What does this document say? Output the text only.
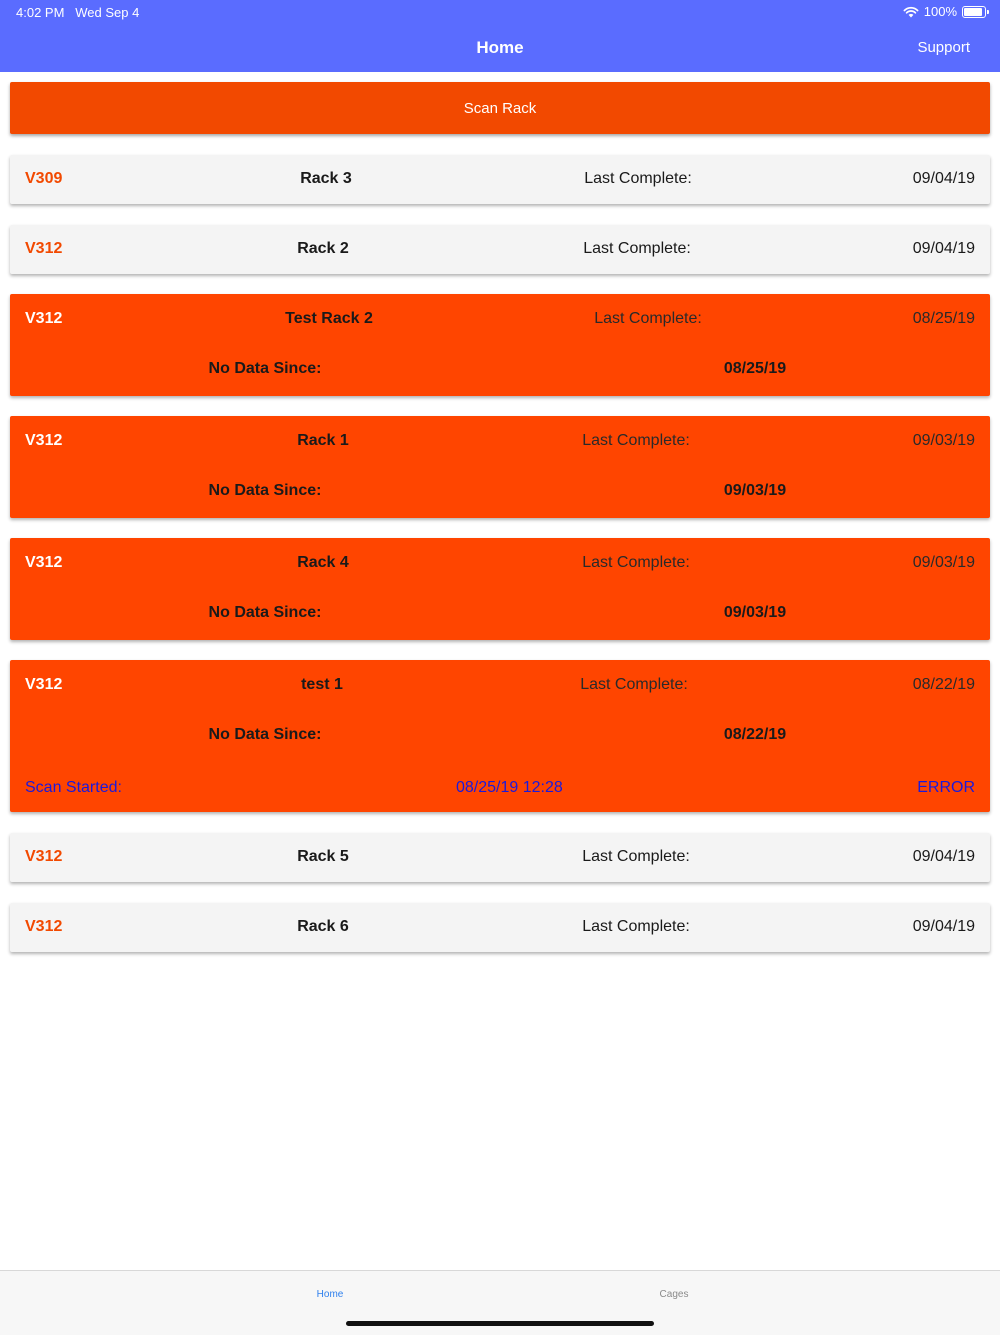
Home	Support
4:02 PM Wed Sep 4	100%
Scan Rack
V309	Rack 3	Last Complete:	09/04/19
V312	Rack 2	Last Complete:	09/04/19
V312	Test Rack 2	Last Complete:	08/25/19
No Data Since:	08/25/19
V312	Rack 1	Last Complete:	09/03/19
No Data Since:	09/03/19
V312	Rack 4	Last Complete:	09/03/19
No Data Since:	09/03/19
V312	test 1	Last Complete:	08/22/19
No Data Since:	08/22/19
Scan Started:	08/25/19 12:28	ERROR
V312	Rack 5	Last Complete:	09/04/19
V312	Rack 6	Last Complete:	09/04/19
Home	Cages
